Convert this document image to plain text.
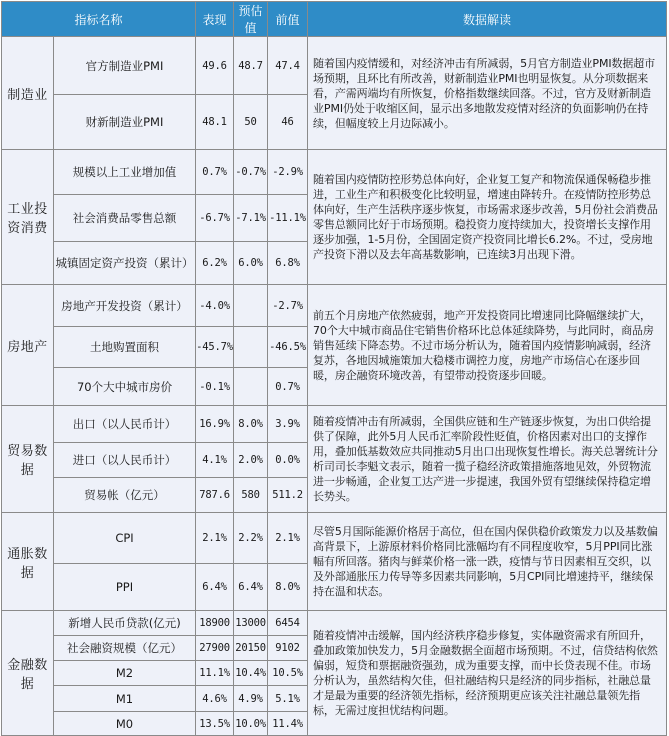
指标名称		表现	预估值	前值	数据解读
制造业	官方制造业PMI	49.6	48.7	47.4	随着国内疫情缓和，对经济冲击有所减弱，5月官方制造业PMI数据超市场预期，且环比有所改善，财新制造业PMI也明显恢复。从分项数据来看，产需两端均有所恢复，价格指数继续回落。不过，官方及财新制造业PMI仍处于收缩区间，显示出多地散发疫情对经济的负面影响仍在持续，但幅度较上月边际减小。
	财新制造业PMI	48.1	50	46	
工业投资消费	规模以上工业增加值	0.7%	-0.7%	-2.9%	随着国内疫情防控形势总体向好，企业复工复产和物流保通保畅稳步推进，工业生产和积极变化比较明显，增速由降转升。在疫情防控形势总体向好，生产生活秩序逐步恢复，市场需求逐步改善，5月份社会消费品零售总额同比好于市场预期。稳投资力度持续加大，投资增长支撑作用逐步加强，1-5月份，全国固定资产投资同比增长6.2%。不过，受房地产投资下滑以及去年高基数影响，已连续3月出现下滑。
	社会消费品零售总额	-6.7%	-7.1%	-11.1%	
	城镇固定资产投资（累计）	6.2%	6.0%	6.8%	
房地产	房地产开发投资（累计）	-4.0%		-2.7%	前五个月房地产依然疲弱，地产开发投资同比增速同比降幅继续扩大，70个大中城市商品住宅销售价格环比总体延续降势，与此同时，商品房销售延续下降态势。不过市场分析认为，随着国内疫情影响减弱，经济复苏，各地因城施策加大稳楼市调控力度，房地产市场信心在逐步回暖，房企融资环境改善，有望带动投资逐步回暖。
	土地购置面积	-45.7%		-46.5%	
	70个大中城市房价	-0.1%		0.7%	
贸易数据	出口（以人民币计）	16.9%	8.0%	3.9%	随着疫情冲击有所减弱，全国供应链和生产链逐步恢复，为出口供给提供了保障，此外5月人民币汇率阶段性贬值，价格因素对出口的支撑作用，叠加低基数效应共同推动5月出口出现恢复性增长。海关总署统计分析司司长李魁文表示，随着一揽子稳经济政策措施落地见效，外贸物流进一步畅通，企业复工达产进一步提速，我国外贸有望继续保持稳定增长势头。
	进口（以人民币计）	4.1%	2.0%	0.0%	
	贸易帐（亿元）	787.6	580	511.2	
通胀数据	CPI	2.1%	2.2%	2.1%	尽管5月国际能源价格居于高位，但在国内保供稳价政策发力以及基数偏高背景下，上游原材料价格同比涨幅均有不同程度收窄，5月PPI同比涨幅有所回落。猪肉与鲜菜价格一涨一跌，疫情与节日因素相互交织，以及外部通胀压力传导等多因素共同影响，5月CPI同比增速持平，继续保持在温和状态。
	PPI	6.4%	6.4%	8.0%	
金融数据	新增人民币贷款(亿元)	18900	13000	6454	随着疫情冲击缓解，国内经济秩序稳步修复，实体融资需求有所回升，叠加政策加快发力，5月金融数据全面超市场预期。不过，信贷结构依然偏弱，短贷和票据融资强劲，成为重要支撑，而中长贷表现不佳。市场分析认为，虽然结构欠佳，但社融结构只是经济的同步指标，社融总量才是最为重要的经济领先指标，经济预期更应该关注社融总量领先指标，无需过度担忧结构问题。
	社会融资规模（亿元）	27900	20150	9102	
	M2	11.1%	10.4%	10.5%	
	M1	4.6%	4.9%	5.1%	
	M0	13.5%	10.0%	11.4%	
